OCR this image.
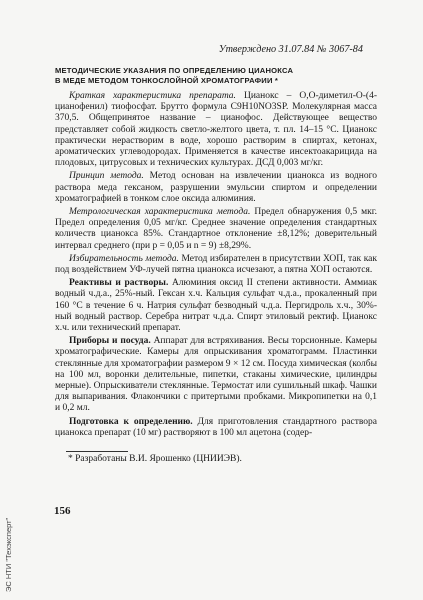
Утверждено 31.07.84 № 3067-84
МЕТОДИЧЕСКИЕ УКАЗАНИЯ ПО ОПРЕДЕЛЕНИЮ ЦИАНОКСА
В МЕДЕ МЕТОДОМ ТОНКОСЛОЙНОЙ ХРОМАТОГРАФИИ *

Краткая характеристика препарата. Цианокс – О,О-диметил-О-(4-цианофенил) тиофосфат. Брутто формула C9H10NO3SP. Молекулярная масса 370,5. Общепринятое название – цианофос. Действующее вещество представляет собой жидкость светло-желтого цвета, т. пл. 14–15 °С. Цианокс практически нерастворим в воде, хорошо растворим в спиртах, кетонах, ароматических углеводородах. Применяется в качестве инсектоакарицида на плодовых, цитрусовых и технических культурах. ДСД 0,003 мг/кг.

Принцип метода. Метод основан на извлечении цианокса из водного раствора меда гексаном, разрушении эмульсии спиртом и определении хроматографией в тонком слое оксида алюминия.

Метрологическая характеристика метода. Предел обнаружения 0,5 мкг. Предел определения 0,05 мг/кг. Среднее значение определения стандартных количеств цианокса 85%. Стандартное отклонение ±8,12%; доверительный интервал среднего (при p = 0,05 и n = 9) ±8,29%.

Избирательность метода. Метод избирателен в присутствии ХОП, так как под воздействием УФ-лучей пятна цианокса исчезают, а пятна ХОП остаются.

Реактивы и растворы. Алюминия оксид II степени активности. Аммиак водный ч.д.а., 25%-ный. Гексан х.ч. Кальция сульфат ч.д.а., прокаленный при 160 °С в течение 6 ч. Натрия сульфат безводный ч.д.а. Пергидроль х.ч., 30%-ный водный раствор. Серебра нитрат ч.д.а. Спирт этиловый ректиф. Цианокс х.ч. или технический препарат.

Приборы и посуда. Аппарат для встряхивания. Весы торсионные. Камеры хроматографические. Камеры для опрыскивания хроматограмм. Пластинки стеклянные для хроматографии размером 9 × 12 см. Посуда химическая (колбы на 100 мл, воронки делительные, пипетки, стаканы химические, цилиндры мерные). Опрыскиватели стеклянные. Термостат или сушильный шкаф. Чашки для выпаривания. Флакончики с притертыми пробками. Микропипетки на 0,1 и 0,2 мл.

Подготовка к определению. Для приготовления стандартного раствора цианокса препарат (10 мг) растворяют в 100 мл ацетона (содер-

* Разработаны В.И. Ярошенко (ЦНИИЭВ).
156
ЭС НТИ "Техэксперт"
